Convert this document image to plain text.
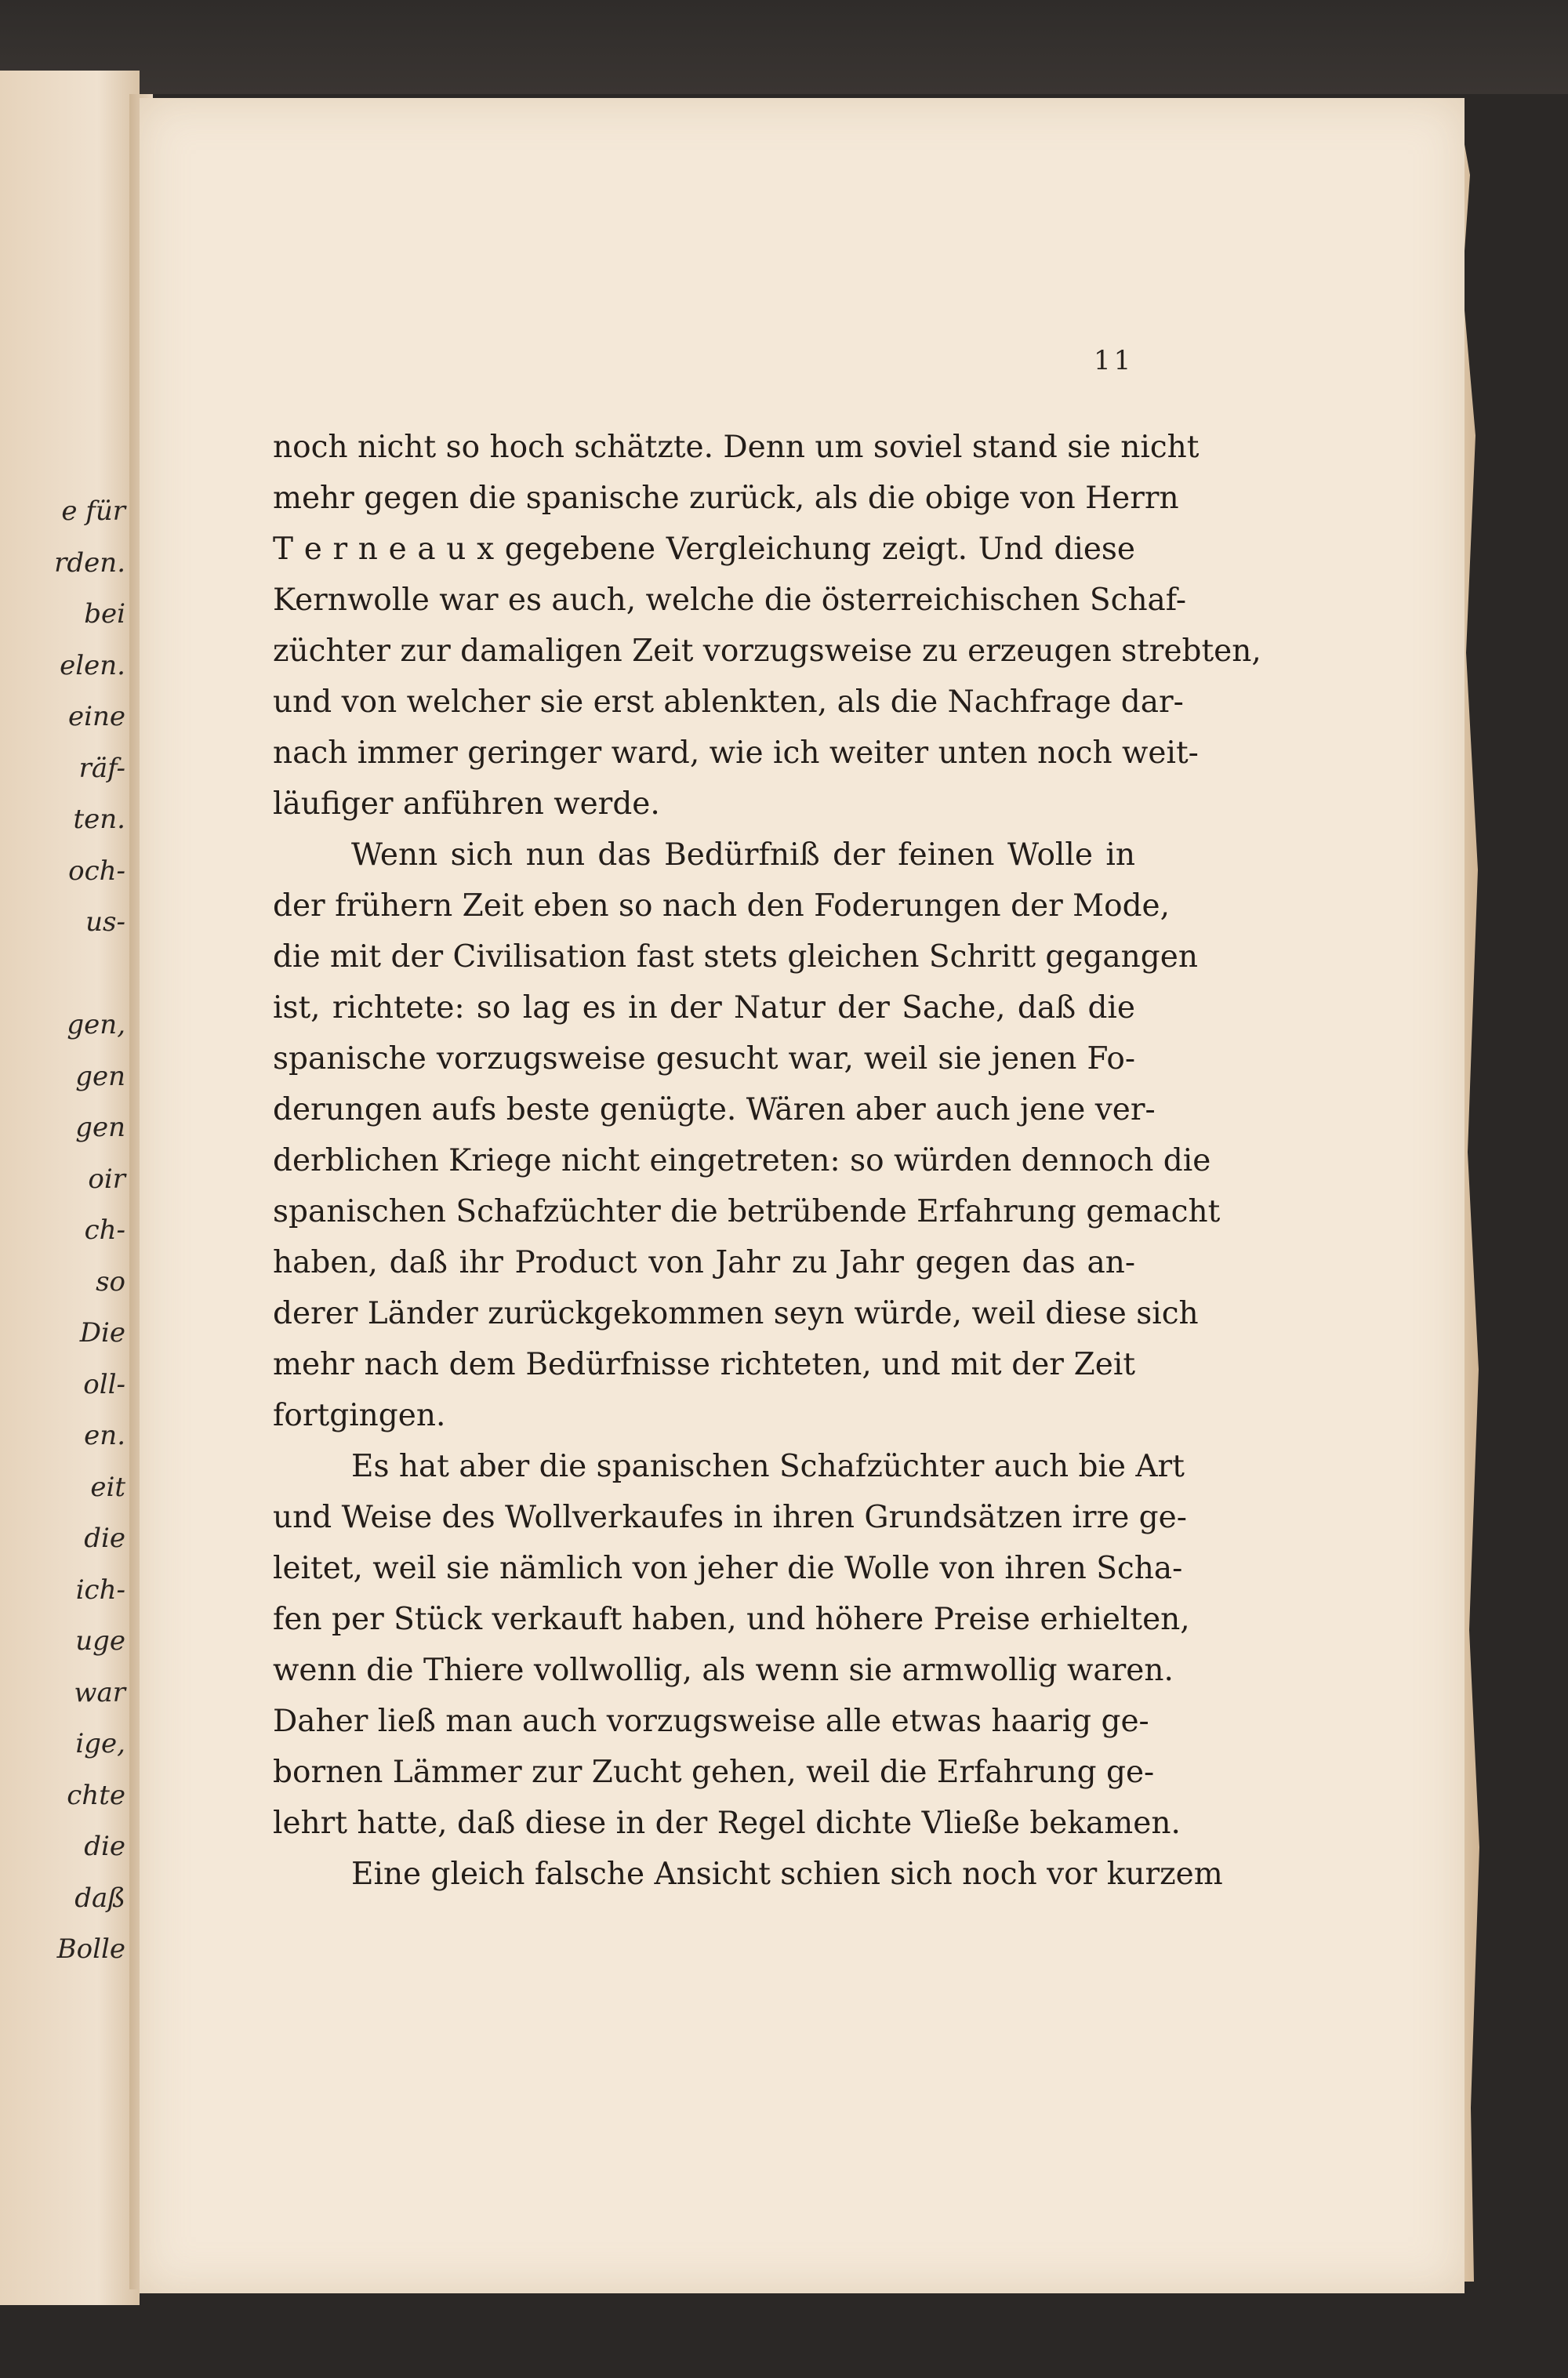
e für
rden.
bei
elen.
eine
räf-
ten.
och-
us-
gen,
gen
gen
oir
ch-
so
Die
oll-
en.
eit
die
ich-
uge
war
ige,
chte
die
daß
Bolle
11
noch nicht so hoch schätzte. Denn um soviel stand sie nicht
mehr gegen die spanische zurück, als die obige von Herrn
T e r n e a u x gegebene Vergleichung zeigt. Und diese
Kernwolle war es auch, welche die österreichischen Schaf-
züchter zur damaligen Zeit vorzugsweise zu erzeugen strebten,
und von welcher sie erst ablenkten, als die Nachfrage dar-
nach immer geringer ward, wie ich weiter unten noch weit-
läufiger anführen werde.
Wenn sich nun das Bedürfniß der feinen Wolle in
der frühern Zeit eben so nach den Foderungen der Mode,
die mit der Civilisation fast stets gleichen Schritt gegangen
ist, richtete: so lag es in der Natur der Sache, daß die
spanische vorzugsweise gesucht war, weil sie jenen Fo-
derungen aufs beste genügte. Wären aber auch jene ver-
derblichen Kriege nicht eingetreten: so würden dennoch die
spanischen Schafzüchter die betrübende Erfahrung gemacht
haben, daß ihr Product von Jahr zu Jahr gegen das an-
derer Länder zurückgekommen seyn würde, weil diese sich
mehr nach dem Bedürfnisse richteten, und mit der Zeit
fortgingen.
Es hat aber die spanischen Schafzüchter auch bie Art
und Weise des Wollverkaufes in ihren Grundsätzen irre ge-
leitet, weil sie nämlich von jeher die Wolle von ihren Scha-
fen per Stück verkauft haben, und höhere Preise erhielten,
wenn die Thiere vollwollig, als wenn sie armwollig waren.
Daher ließ man auch vorzugsweise alle etwas haarig ge-
bornen Lämmer zur Zucht gehen, weil die Erfahrung ge-
lehrt hatte, daß diese in der Regel dichte Vließe bekamen.
Eine gleich falsche Ansicht schien sich noch vor kurzem
